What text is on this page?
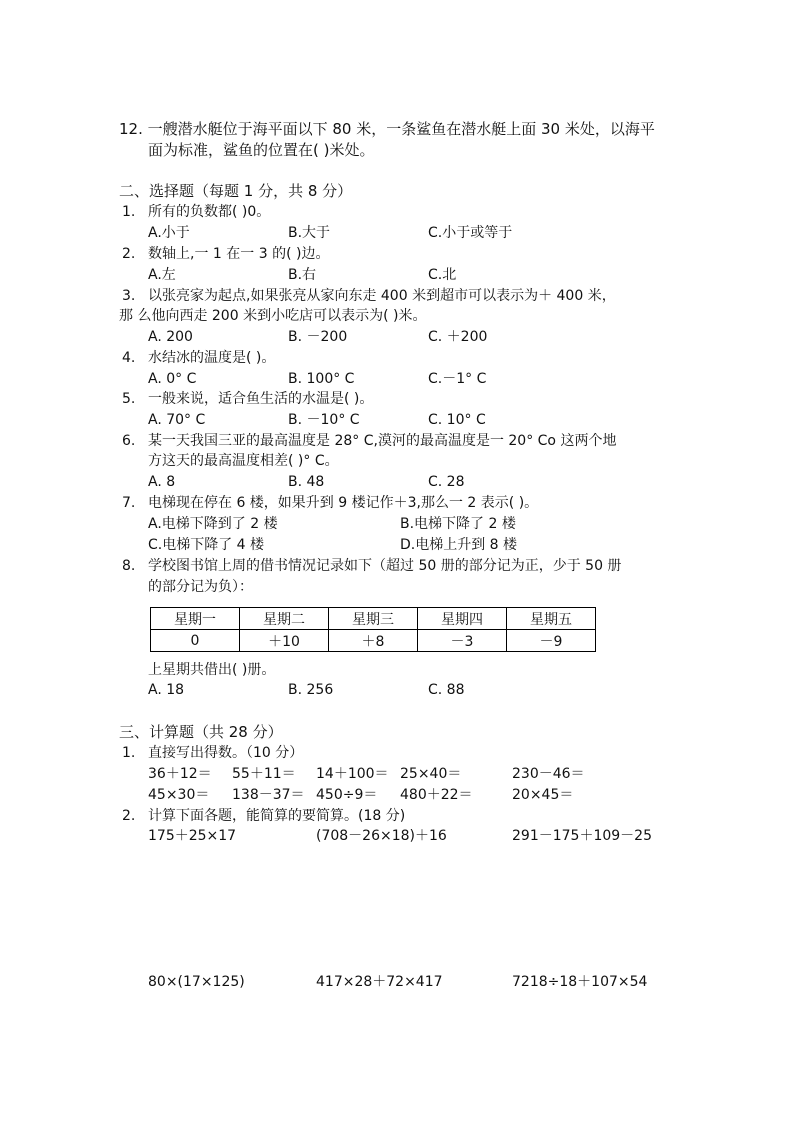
12. 一艘潜水艇位于海平面以下 80 米，一条鲨鱼在潜水艇上面 30 米处，以海平
面为标准，鲨鱼的位置在( )米处。
二、选择题（每题 1 分，共 8 分）
1. 所有的负数都( )0。
A.小于	B.大于	C.小于或等于
2. 数轴上,一 1 在一 3 的( )边。
A.左	B.右	C.北
3. 以张亮家为起点,如果张亮从家向东走 400 米到超市可以表示为＋ 400 米，
那 么他向西走 200 米到小吃店可以表示为( )米。
A. 200	B. －200	C. ＋200
4. 水结冰的温度是( )。
A. 0° C	B. 100° C	C.－1° C
5. 一般来说，适合鱼生活的水温是( )。
A. 70° C	B. －10° C	C. 10° C
6. 某一天我国三亚的最高温度是 28° C,漠河的最高温度是一 20° Co 这两个地
方这天的最高温度相差( )° C。
A. 8	B. 48	C. 28
7. 电梯现在停在 6 楼，如果升到 9 楼记作＋3,那么一 2 表示( )。
A.电梯下降到了 2 楼	B.电梯下降了 2 楼
C.电梯下降了 4 楼	D.电梯上升到 8 楼
8. 学校图书馆上周的借书情况记录如下（超过 50 册的部分记为正，少于 50 册
的部分记为负）：
星期一	星期二	星期三	星期四	星期五
0	＋10	＋8	－3	－9
上星期共借出( )册。
A. 18	B. 256	C. 88
三、计算题（共 28 分）
1. 直接写出得数。（10 分）
36＋12＝ 55＋11＝ 14＋100＝ 25×40＝	230－46＝
45×30＝ 138－37＝ 450÷9＝ 480＋22＝	20×45＝
2. 计算下面各题，能简算的要简算。(18 分)
175＋25×17	(708－26×18)＋16	291－175＋109－25
80×(17×125)	417×28＋72×417	7218÷18＋107×54
